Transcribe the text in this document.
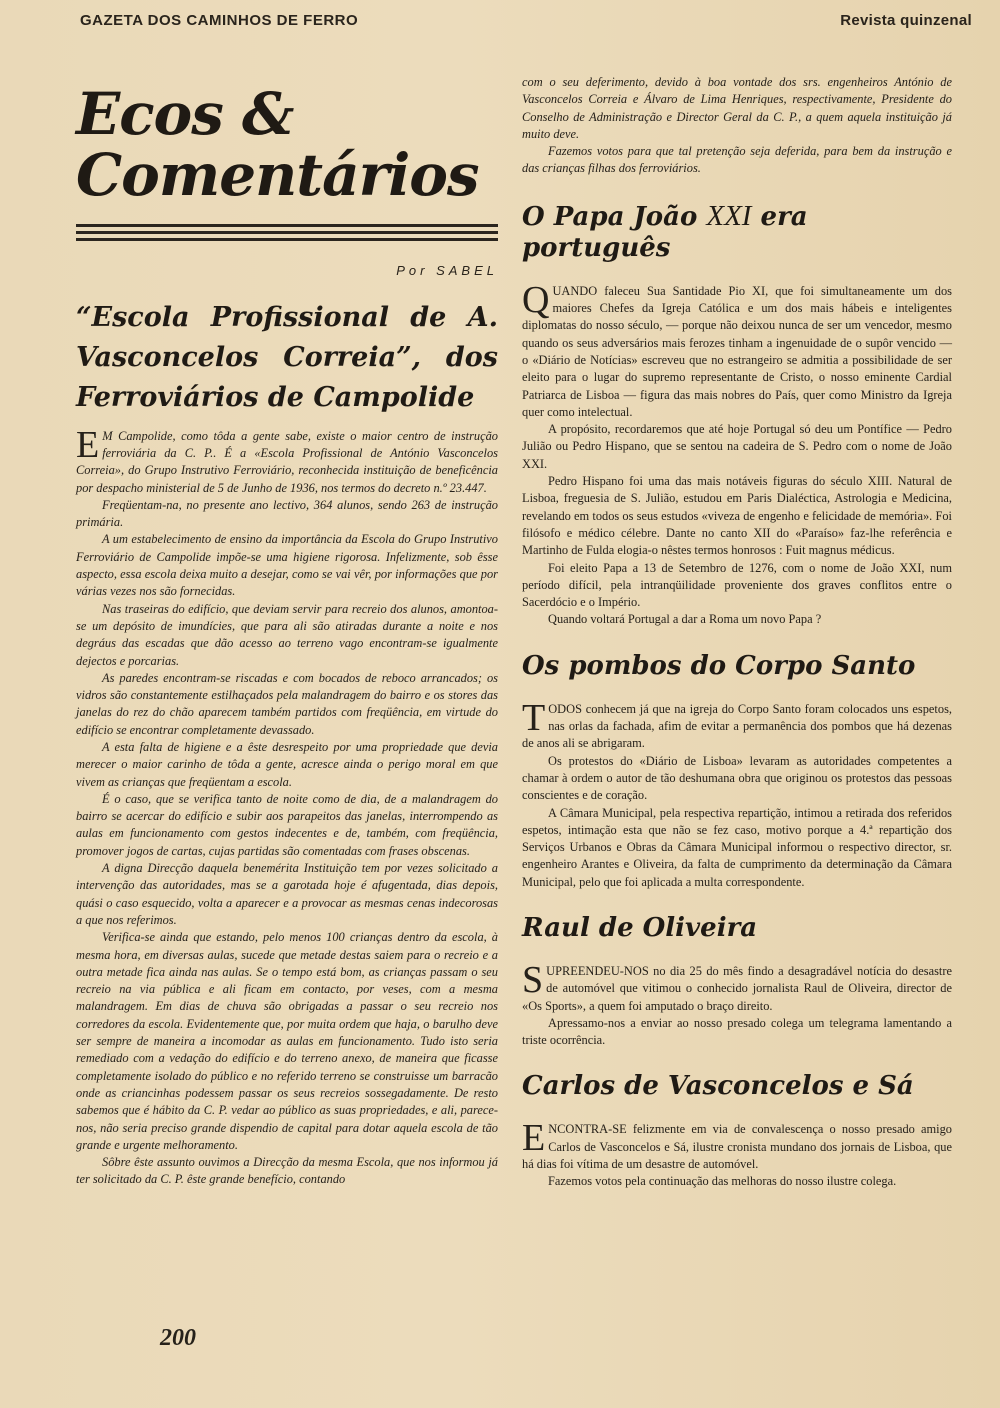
GAZETA DOS CAMINHOS DE FERRO	Revista quinzenal
Ecos & Comentários
Por SABEL
“Escola Profissional de A. Vasconcelos Correia”, dos Ferroviários de Campolide

E M Campolide, como tôda a gente sabe, existe o maior centro de instrução ferroviária da C. P.. É a «Escola Profissional de António Vasconcelos Correia», do Grupo Instrutivo Ferroviário, reconhecida instituição de beneficência por despacho ministerial de 5 de Junho de 1936, nos termos do decreto n.º 23.447.

Freqüentam-na, no presente ano lectivo, 364 alunos, sendo 263 de instrução primária.

A um estabelecimento de ensino da importância da Escola do Grupo Instrutivo Ferroviário de Campolide impõe-se uma higiene rigorosa. Infelizmente, sob êsse aspecto, essa escola deixa muito a desejar, como se vai vêr, por informações que por várias vezes nos são fornecidas.

Nas traseiras do edifício, que deviam servir para recreio dos alunos, amontoa-se um depósito de imundícies, que para ali são atiradas durante a noite e nos degráus das escadas que dão acesso ao terreno vago encontram-se igualmente dejectos e porcarias.

As paredes encontram-se riscadas e com bocados de reboco arrancados; os vidros são constantemente estilhaçados pela malandragem do bairro e os stores das janelas do rez do chão aparecem também partidos com freqüência, em virtude do edifício se encontrar completamente devassado.

A esta falta de higiene e a êste desrespeito por uma propriedade que devia merecer o maior carinho de tôda a gente, acresce ainda o perigo moral em que vivem as crianças que freqüentam a escola.

É o caso, que se verifica tanto de noite como de dia, de a malandragem do bairro se acercar do edifício e subir aos parapeitos das janelas, interrompendo as aulas em funcionamento com gestos indecentes e de, também, com freqüência, promover jogos de cartas, cujas partidas são comentadas com frases obscenas.

A digna Direcção daquela benemérita Instituição tem por vezes solicitado a intervenção das autoridades, mas se a garotada hoje é afugentada, dias depois, quási o caso esquecido, volta a aparecer e a provocar as mesmas cenas indecorosas a que nos referimos.

Verifica-se ainda que estando, pelo menos 100 crianças dentro da escola, à mesma hora, em diversas aulas, sucede que metade destas saiem para o recreio e a outra metade fica ainda nas aulas. Se o tempo está bom, as crianças passam o seu recreio na via pública e ali ficam em contacto, por veses, com a mesma malandragem. Em dias de chuva são obrigadas a passar o seu recreio nos corredores da escola. Evidentemente que, por muita ordem que haja, o barulho deve ser sempre de maneira a incomodar as aulas em funcionamento. Tudo isto seria remediado com a vedação do edifício e do terreno anexo, de maneira que ficasse completamente isolado do público e no referido terreno se construisse um barracão onde as criancinhas podessem passar os seus recreios sossegadamente. De resto sabemos que é hábito da C. P. vedar ao público as suas propriedades, e ali, parece-nos, não seria preciso grande dispendio de capital para dotar aquela escola de tão grande e urgente melhoramento.

Sôbre êste assunto ouvimos a Direcção da mesma Escola, que nos informou já ter solicitado da C. P. êste grande benefício, contando

com o seu deferimento, devido à boa vontade dos srs. engenheiros António de Vasconcelos Correia e Álvaro de Lima Henriques, respectivamente, Presidente do Conselho de Administração e Director Geral da C. P., a quem aquela instituição já muito deve.

Fazemos votos para que tal pretenção seja deferida, para bem da instrução e das crianças filhas dos ferroviários.

O Papa João XXI era português

QUANDO faleceu Sua Santidade Pio XI, que foi simultaneamente um dos maiores Chefes da Igreja Católica e um dos mais hábeis e inteligentes diplomatas do nosso século, — porque não deixou nunca de ser um vencedor, mesmo quando os seus adversários mais ferozes tinham a ingenuidade de o supôr vencido — o «Diário de Notícias» escreveu que no estrangeiro se admitia a possibilidade de ser eleito para o lugar do supremo representante de Cristo, o nosso eminente Cardial Patriarca de Lisboa — figura das mais nobres do País, quer como Ministro da Igreja quer como intelectual.

A propósito, recordaremos que até hoje Portugal só deu um Pontífice — Pedro Julião ou Pedro Hispano, que se sentou na cadeira de S. Pedro com o nome de João XXI.

Pedro Hispano foi uma das mais notáveis figuras do século XIII. Natural de Lisboa, freguesia de S. Julião, estudou em Paris Dialéctica, Astrologia e Medicina, revelando em todos os seus estudos «viveza de engenho e felicidade de memória». Foi filósofo e médico célebre. Dante no canto XII do «Paraíso» faz-lhe referência e Martinho de Fulda elogia-o nêstes termos honrosos : Fuit magnus médicus.

Foi eleito Papa a 13 de Setembro de 1276, com o nome de João XXI, num período difícil, pela intranqüilidade proveniente dos graves conflitos entre o Sacerdócio e o Império.

Quando voltará Portugal a dar a Roma um novo Papa ?

Os pombos do Corpo Santo

TODOS conhecem já que na igreja do Corpo Santo foram colocados uns espetos, nas orlas da fachada, afim de evitar a permanência dos pombos que há dezenas de anos ali se abrigaram.

Os protestos do «Diário de Lisboa» levaram as autoridades competentes a chamar à ordem o autor de tão deshumana obra que originou os protestos das pessoas conscientes e de coração.

A Câmara Municipal, pela respectiva repartição, intimou a retirada dos referidos espetos, intimação esta que não se fez caso, motivo porque a 4.ª repartição dos Serviços Urbanos e Obras da Câmara Municipal informou o respectivo director, sr. engenheiro Arantes e Oliveira, da falta de cumprimento da determinação da Câmara Municipal, pelo que foi aplicada a multa correspondente.

Raul de Oliveira

SUPREENDEU-NOS no dia 25 do mês findo a desagradável notícia do desastre de automóvel que vitimou o conhecido jornalista Raul de Oliveira, director de «Os Sports», a quem foi amputado o braço direito.

Apressamo-nos a enviar ao nosso presado colega um telegrama lamentando a triste ocorrência.

Carlos de Vasconcelos e Sá

ENCONTRA-SE felizmente em via de convalescença o nosso presado amigo Carlos de Vasconcelos e Sá, ilustre cronista mundano dos jornais de Lisboa, que há dias foi vítima de um desastre de automóvel.

Fazemos votos pela continuação das melhoras do nosso ilustre colega.

200
